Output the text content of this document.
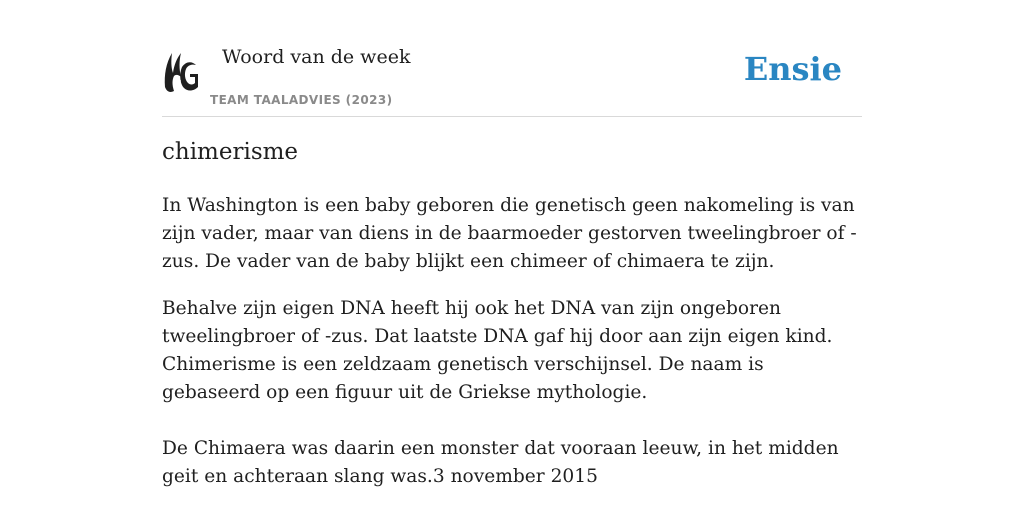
Woord van de week
TEAM TAALADVIES (2023)
Ensie
chimerisme

In Washington is een baby geboren die genetisch geen nakomeling is van zijn vader, maar van diens in de baarmoeder gestorven tweelingbroer of -zus. De vader van de baby blijkt een chimeer of chimaera te zijn.

Behalve zijn eigen DNA heeft hij ook het DNA van zijn ongeboren tweelingbroer of -zus. Dat laatste DNA gaf hij door aan zijn eigen kind. Chimerisme is een zeldzaam genetisch verschijnsel. De naam is gebaseerd op een figuur uit de Griekse mythologie.

De Chimaera was daarin een monster dat vooraan leeuw, in het midden geit en achteraan slang was.3 november 2015
